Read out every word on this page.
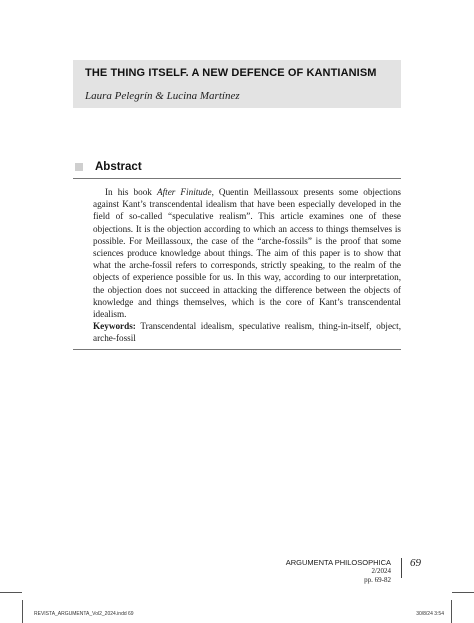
THE THING ITSELF. A NEW DEFENCE OF KANTIANISM
Laura Pelegrín & Lucina Martínez
Abstract

In his book After Finitude, Quentin Meillassoux presents some objections against Kant’s transcendental idealism that have been especially developed in the field of so-called “speculative realism”. This article examines one of these objections. It is the objection according to which an access to things themselves is possible. For Meillassoux, the case of the “arche-fossils” is the proof that some sciences produce knowledge about things. The aim of this paper is to show that what the arche-fossil refers to corresponds, strictly speaking, to the realm of the objects of experience possible for us. In this way, according to our interpretation, the objection does not succeed in attacking the difference between the objects of knowledge and things themselves, which is the core of Kant’s transcendental idealism.

Keywords: Transcendental idealism, speculative realism, thing-in-itself, object, arche-fossil

ARGUMENTA PHILOSOPHICA
2/2024
pp. 69-82
69
REVISTA_ARGUMENTA_Vol2_2024.indd 69	30/8/24 3:54
